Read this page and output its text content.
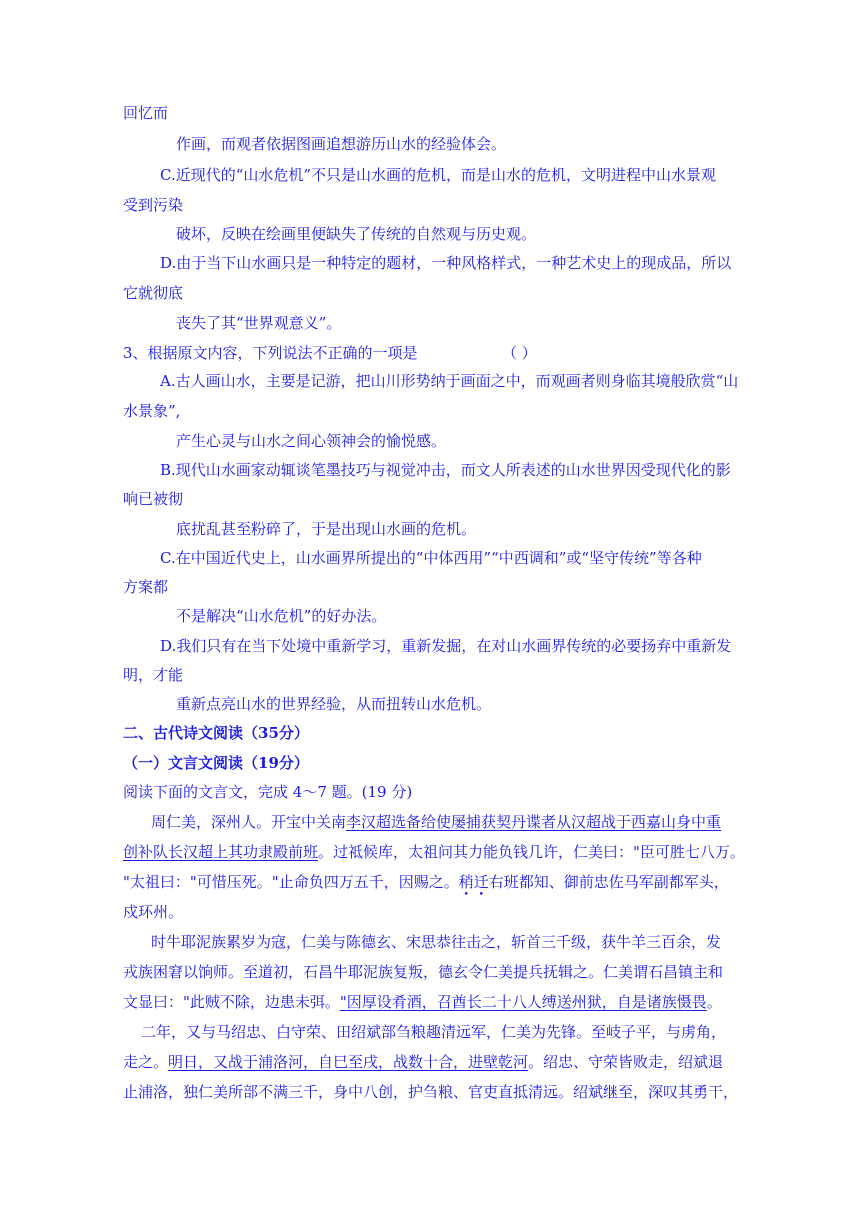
回忆而
作画，而观者依据图画追想游历山水的经验体会。
C.近现代的“山水危机”不只是山水画的危机，而是山水的危机，文明进程中山水景观
受到污染
破坏，反映在绘画里便缺失了传统的自然观与历史观。
D.由于当下山水画只是一种特定的题材，一种风格样式，一种艺术史上的现成品，所以
它就彻底
丧失了其“世界观意义”。
3、根据原文内容，下列说法不正确的一项是	（ ）
A.古人画山水，主要是记游，把山川形势纳于画面之中，而观画者则身临其境般欣赏“山
水景象”,
产生心灵与山水之间心领神会的愉悦感。
B.现代山水画家动辄谈笔墨技巧与视觉冲击，而文人所表述的山水世界因受现代化的影
响已被彻
底扰乱甚至粉碎了，于是出现山水画的危机。
C.在中国近代史上，山水画界所提出的“中体西用”“中西调和”或“坚守传统”等各种
方案都
不是解决“山水危机”的好办法。
D.我们只有在当下处境中重新学习，重新发掘，在对山水画界传统的必要扬弃中重新发
明，才能
重新点亮山水的世界经验，从而扭转山水危机。
二、古代诗文阅读（35分）
（一）文言文阅读（19分）
阅读下面的文言文，完成 4～7 题。(19 分)
周仁美，深州人。开宝中关南李汉超选备给使屡捕获契丹谍者从汉超战于西嘉山身中重
创补队长汉超上其功隶殿前班。过祗候库，太祖问其力能负钱几许，仁美曰："臣可胜七八万。
"太祖曰："可惜压死。"止命负四万五千，因赐之。稍迁右班都知、御前忠佐马军副都军头，
戍环州。
时牛耶泥族累岁为寇，仁美与陈德玄、宋思恭往击之，斩首三千级，获牛羊三百余，发
戎族困窘以饷师。至道初，石昌牛耶泥族复叛，德玄令仁美提兵抚辑之。仁美谓石昌镇主和
文显曰："此贼不除，边患未弭。"因厚设肴酒，召酋长二十八人缚送州狱，自是诸族慑畏。
二年，又与马绍忠、白守荣、田绍斌部刍粮趣清远军，仁美为先锋。至岐子平，与虏角，
走之。明日，又战于浦洛河，自巳至戌，战数十合，进壁乾河。绍忠、守荣皆败走，绍斌退
止浦洛，独仁美所部不满三千，身中八创，护刍粮、官吏直抵清远。绍斌继至，深叹其勇干，
